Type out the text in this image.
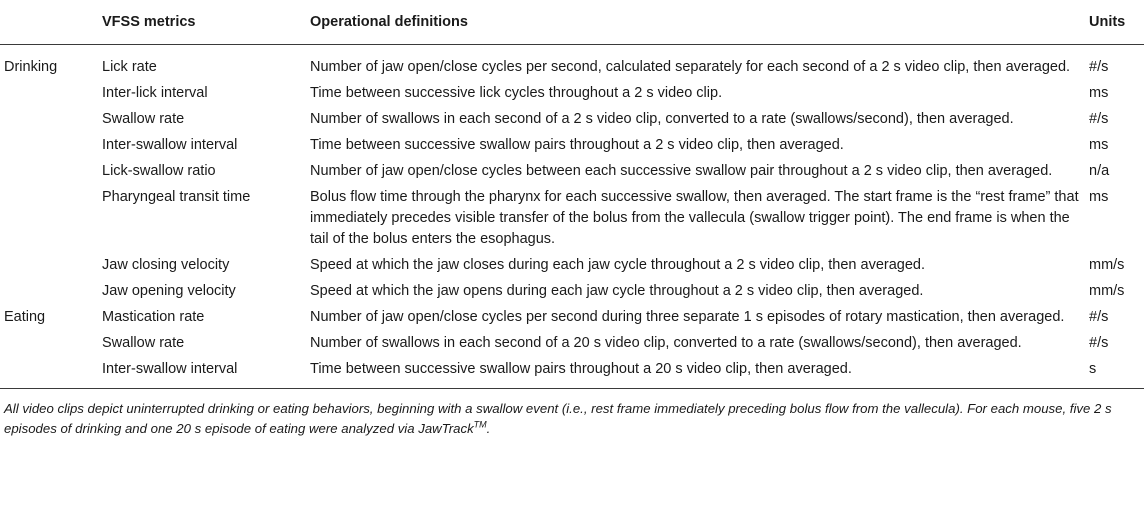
	VFSS metrics	Operational definitions	Units
Drinking	Lick rate	Number of jaw open/close cycles per second, calculated separately for each second of a 2 s video clip, then averaged.	#/s
	Inter-lick interval	Time between successive lick cycles throughout a 2 s video clip.	ms
	Swallow rate	Number of swallows in each second of a 2 s video clip, converted to a rate (swallows/second), then averaged.	#/s
	Inter-swallow interval	Time between successive swallow pairs throughout a 2 s video clip, then averaged.	ms
	Lick-swallow ratio	Number of jaw open/close cycles between each successive swallow pair throughout a 2 s video clip, then averaged.	n/a
	Pharyngeal transit time	Bolus flow time through the pharynx for each successive swallow, then averaged. The start frame is the “rest frame” that immediately precedes visible transfer of the bolus from the vallecula (swallow trigger point). The end frame is when the tail of the bolus enters the esophagus.	ms
	Jaw closing velocity	Speed at which the jaw closes during each jaw cycle throughout a 2 s video clip, then averaged.	mm/s
	Jaw opening velocity	Speed at which the jaw opens during each jaw cycle throughout a 2 s video clip, then averaged.	mm/s
Eating	Mastication rate	Number of jaw open/close cycles per second during three separate 1 s episodes of rotary mastication, then averaged.	#/s
	Swallow rate	Number of swallows in each second of a 20 s video clip, converted to a rate (swallows/second), then averaged.	#/s
	Inter-swallow interval	Time between successive swallow pairs throughout a 20 s video clip, then averaged.	s
All video clips depict uninterrupted drinking or eating behaviors, beginning with a swallow event (i.e., rest frame immediately preceding bolus flow from the vallecula). For each mouse, five 2 s episodes of drinking and one 20 s episode of eating were analyzed via JawTrack™.
